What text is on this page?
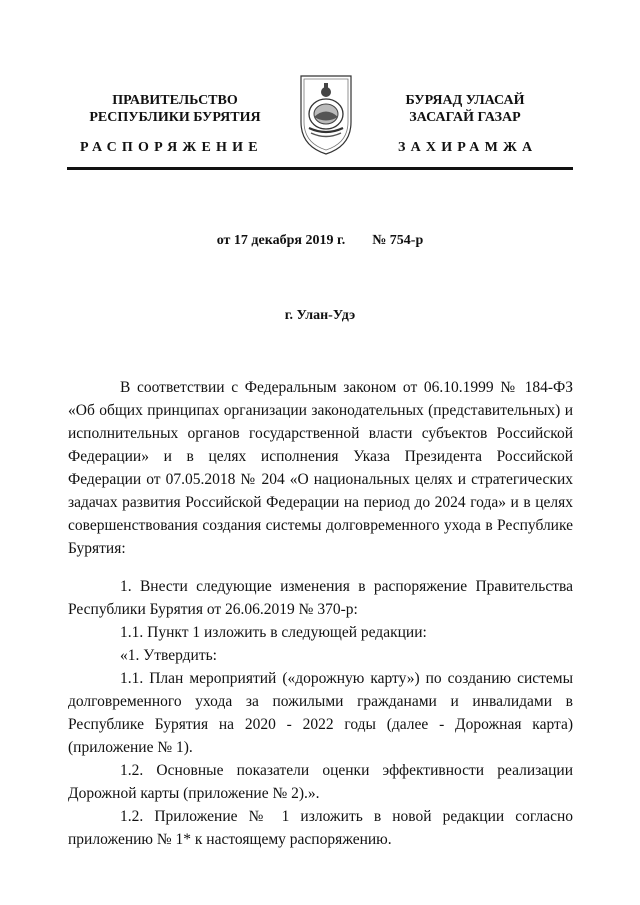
ПРАВИТЕЛЬСТВО
РЕСПУБЛИКИ БУРЯТИЯ
БУРЯАД УЛАСАЙ
ЗАСАГАЙ ГАЗАР
РАСПОРЯЖЕНИЕ	ЗАХИРАМЖА
от 17 декабря 2019 г. № 754-р
г. Улан-Удэ

В соответствии с Федеральным законом от 06.10.1999 № 184-ФЗ «Об общих принципах организации законодательных (представительных) и исполнительных органов государственной власти субъектов Российской Федерации» и в целях исполнения Указа Президента Российской Федерации от 07.05.2018 № 204 «О национальных целях и стратегических задачах развития Российской Федерации на период до 2024 года» и в целях совершенствования создания системы долговременного ухода в Республике Бурятия:

1. Внести следующие изменения в распоряжение Правительства Республики Бурятия от 26.06.2019 № 370-р:

1.1. Пункт 1 изложить в следующей редакции:

«1. Утвердить:

1.1. План мероприятий («дорожную карту») по созданию системы долговременного ухода за пожилыми гражданами и инвалидами в Республике Бурятия на 2020 - 2022 годы (далее - Дорожная карта) (приложение № 1).

1.2. Основные показатели оценки эффективности реализации Дорожной карты (приложение № 2).».

1.2. Приложение № 1 изложить в новой редакции согласно приложению № 1* к настоящему распоряжению.
